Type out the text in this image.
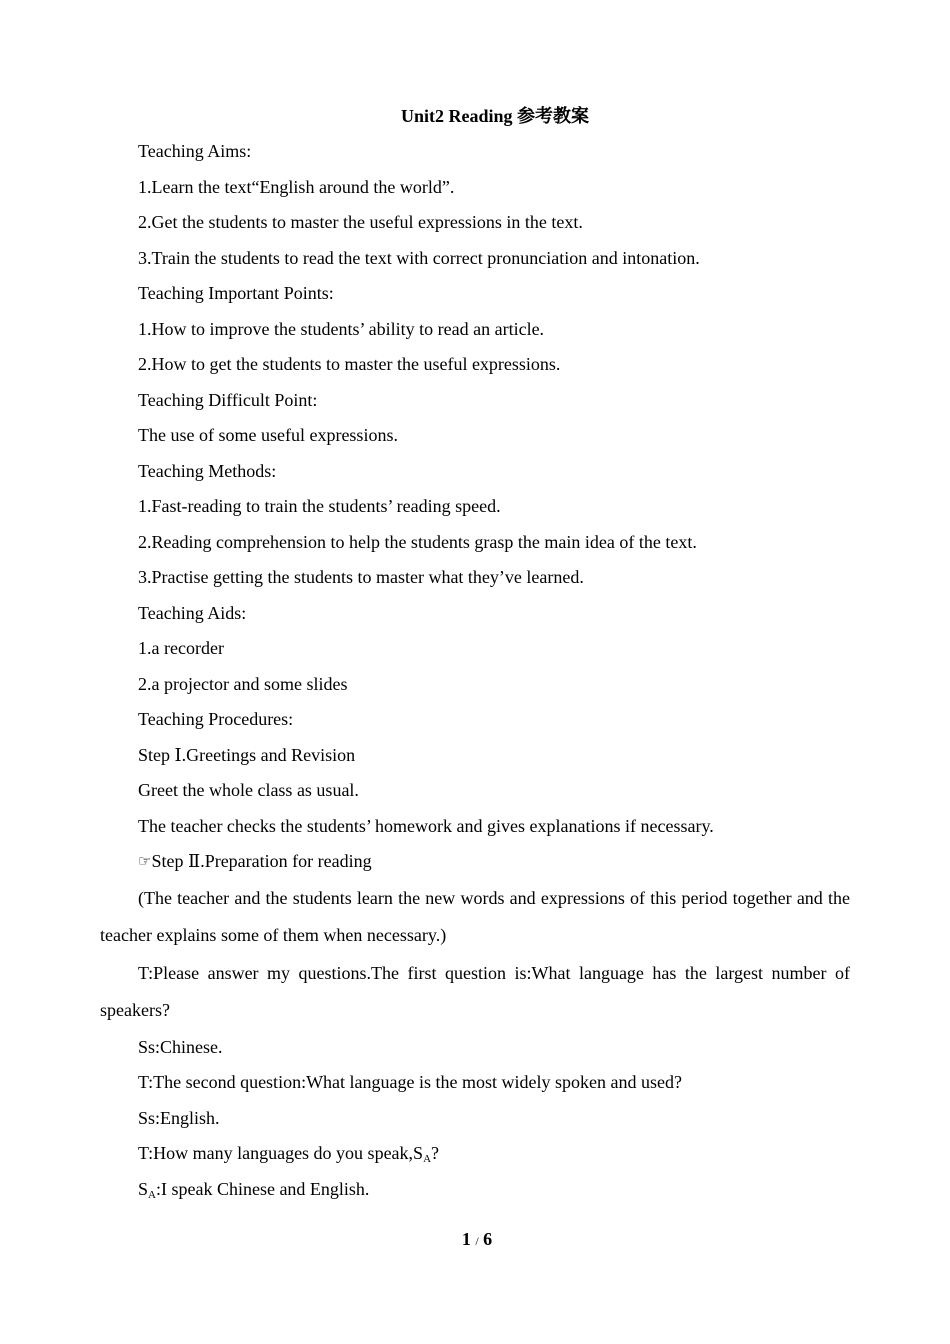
Unit2 Reading 参考教案
Teaching Aims:
1.Learn the text“English around the world”.
2.Get the students to master the useful expressions in the text.
3.Train the students to read the text with correct pronunciation and intonation.
Teaching Important Points:
1.How to improve the students’ ability to read an article.
2.How to get the students to master the useful expressions.
Teaching Difficult Point:
The use of some useful expressions.
Teaching Methods:
1.Fast-reading to train the students’ reading speed.
2.Reading comprehension to help the students grasp the main idea of the text.
3.Practise getting the students to master what they’ve learned.
Teaching Aids:
1.a recorder
2.a projector and some slides
Teaching Procedures:
Step Ⅰ.Greetings and Revision
Greet the whole class as usual.
The teacher checks the students’ homework and gives explanations if necessary.
☞Step Ⅱ.Preparation for reading
(The teacher and the students learn the new words and expressions of this period together and the teacher explains some of them when necessary.)
T:Please answer my questions.The first question is:What language has the largest number of speakers?
Ss:Chinese.
T:The second question:What language is the most widely spoken and used?
Ss:English.
T:How many languages do you $speak,S_A$?
$S_A:I$ speak Chinese and English.
1 / 6
